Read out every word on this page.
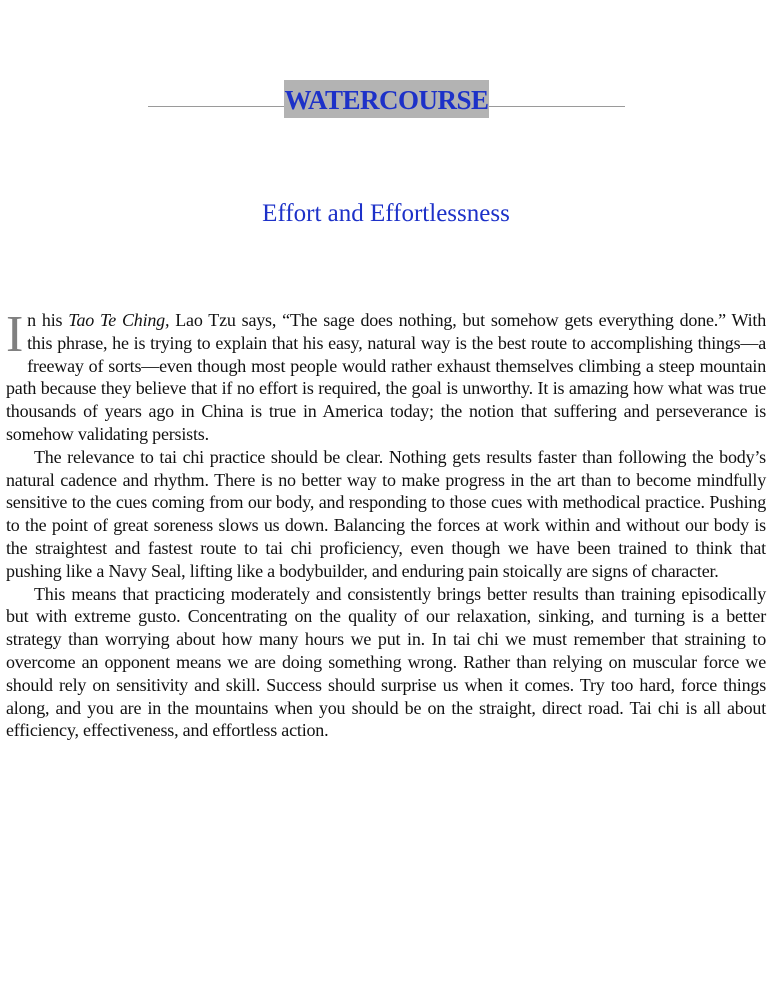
WATERCOURSE
Effort and Effortlessness

In his Tao Te Ching, Lao Tzu says, “The sage does nothing, but somehow gets everything done.” With this phrase, he is trying to explain that his easy, natural way is the best route to accomplishing things—a freeway of sorts—even though most people would rather exhaust themselves climbing a steep mountain path because they believe that if no effort is required, the goal is unworthy. It is amazing how what was true thousands of years ago in China is true in America today; the notion that suffering and perseverance is somehow validating persists.

The relevance to tai chi practice should be clear. Nothing gets results faster than following the body’s natural cadence and rhythm. There is no better way to make progress in the art than to become mindfully sensitive to the cues coming from our body, and responding to those cues with methodical practice. Pushing to the point of great soreness slows us down. Balancing the forces at work within and without our body is the straightest and fastest route to tai chi proficiency, even though we have been trained to think that pushing like a Navy Seal, lifting like a bodybuilder, and enduring pain stoically are signs of character.

This means that practicing moderately and consistently brings better results than training episodically but with extreme gusto. Concentrating on the quality of our relaxation, sinking, and turning is a better strategy than worrying about how many hours we put in. In tai chi we must remember that straining to overcome an opponent means we are doing something wrong. Rather than relying on muscular force we should rely on sensitivity and skill. Success should surprise us when it comes. Try too hard, force things along, and you are in the mountains when you should be on the straight, direct road. Tai chi is all about efficiency, effectiveness, and effortless action.
